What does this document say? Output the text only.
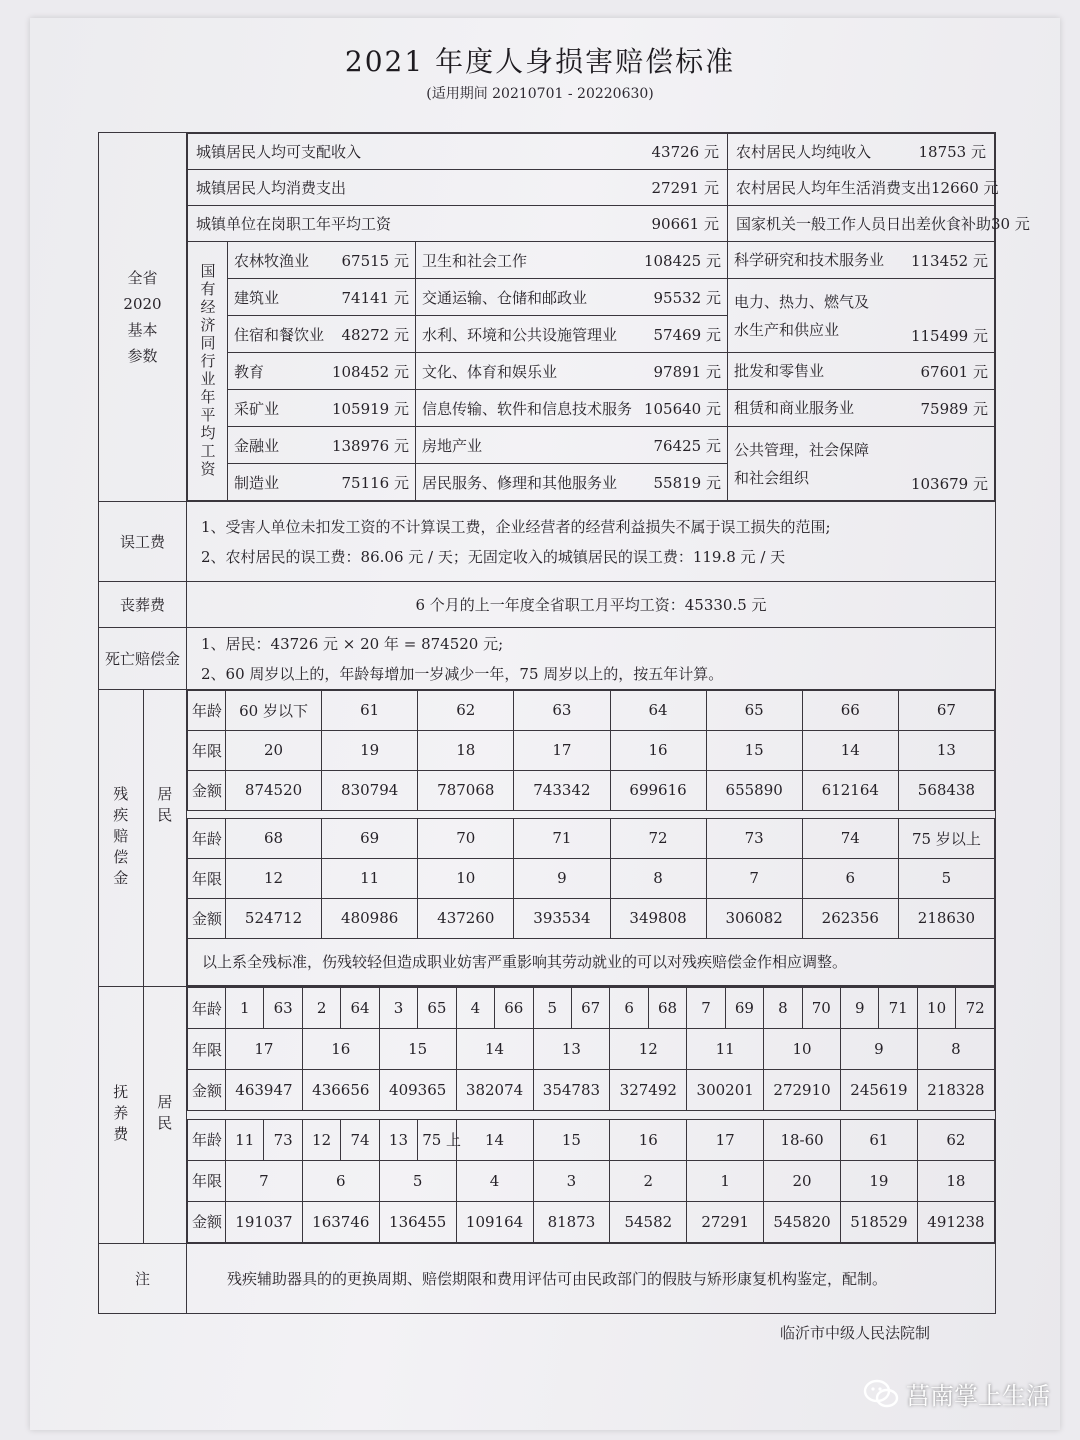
2021 年度人身损害赔偿标准
(适用期间 20210701 - 20220630)
全省
2020
基本
参数

城镇居民人均可支配收入	43726 元	农村居民人均纯收入	18753 元

城镇居民人均消费支出	27291 元	农村居民人均年生活消费支出 12660 元

城镇单位在岗职工年平均工资	90661 元	国家机关一般工作人员日出差伙食补助 30 元

国有经济同行业年平均工资

农林牧渔业 67515 元	卫生和社会工作	108425 元	科学研究和技术服务业 113452 元

建筑业	74141 元	交通运输、仓储和邮政业	95532 元	电力、热力、燃气及
水生产和供应业	115499 元

住宿和餐饮业 48272 元	水利、环境和公共设施管理业 57469 元

教育	108452 元	文化、体育和娱乐业	97891 元	批发和零售业	67601 元

采矿业	105919 元	信息传输、软件和信息技术服务 105640 元	租赁和商业服务业	75989 元

金融业	138976 元	房地产业	76425 元	公共管理，社会保障
和社会组织	103679 元

制造业	75116 元	居民服务、修理和其他服务业 55819 元

误工费	
1、受害人单位未扣发工资的不计算误工费，企业经营者的经营利益损失不属于误工损失的范围;
2、农村居民的误工费：86.06 元 / 天；无固定收入的城镇居民的误工费：119.8 元 / 天

丧葬费	6 个月的上一年度全省职工月平均工资：45330.5 元
死亡赔偿金	
1、居民：43726 元 × 20 年 = 874520 元;
2、60 周岁以上的，年龄每增加一岁减少一年，75 周岁以上的，按五年计算。

残疾赔偿金	居民

年龄	60 岁以下	61	62	63	64	65	66	67
年限	20	19	18	17	16	15	14	13
金额	874520	830794	787068	743342	699616	655890	612164	568438

年龄	68	69	70	71	72	73	74	75 岁以上
年限	12	11	10	9	8	7	6	5
金额	524712	480986	437260	393534	349808	306082	262356	218630
以上系全残标准，伤残较轻但造成职业妨害严重影响其劳动就业的可以对残疾赔偿金作相应调整。

抚养费	居民

年龄	1	63	2	64	3	65	4	66	5	67	6	68	7	69	8	70	9	71	10	72
年限	17	16	15	14	13	12	11	10	9	8
金额	463947	436656	409365	382074	354783	327492	300201	272910	245619	218328

年龄	11	73	12	74	13	75 上	14	15	16	17	18-60	61	62
年限	7	6	5	4	3	2	1	20	19	18
金额	191037	163746	136455	109164	81873	54582	27291	545820	518529	491238

注	残疾辅助器具的的更换周期、赔偿期限和费用评估可由民政部门的假肢与矫形康复机构鉴定，配制。
临沂市中级人民法院制
莒南掌上生活
